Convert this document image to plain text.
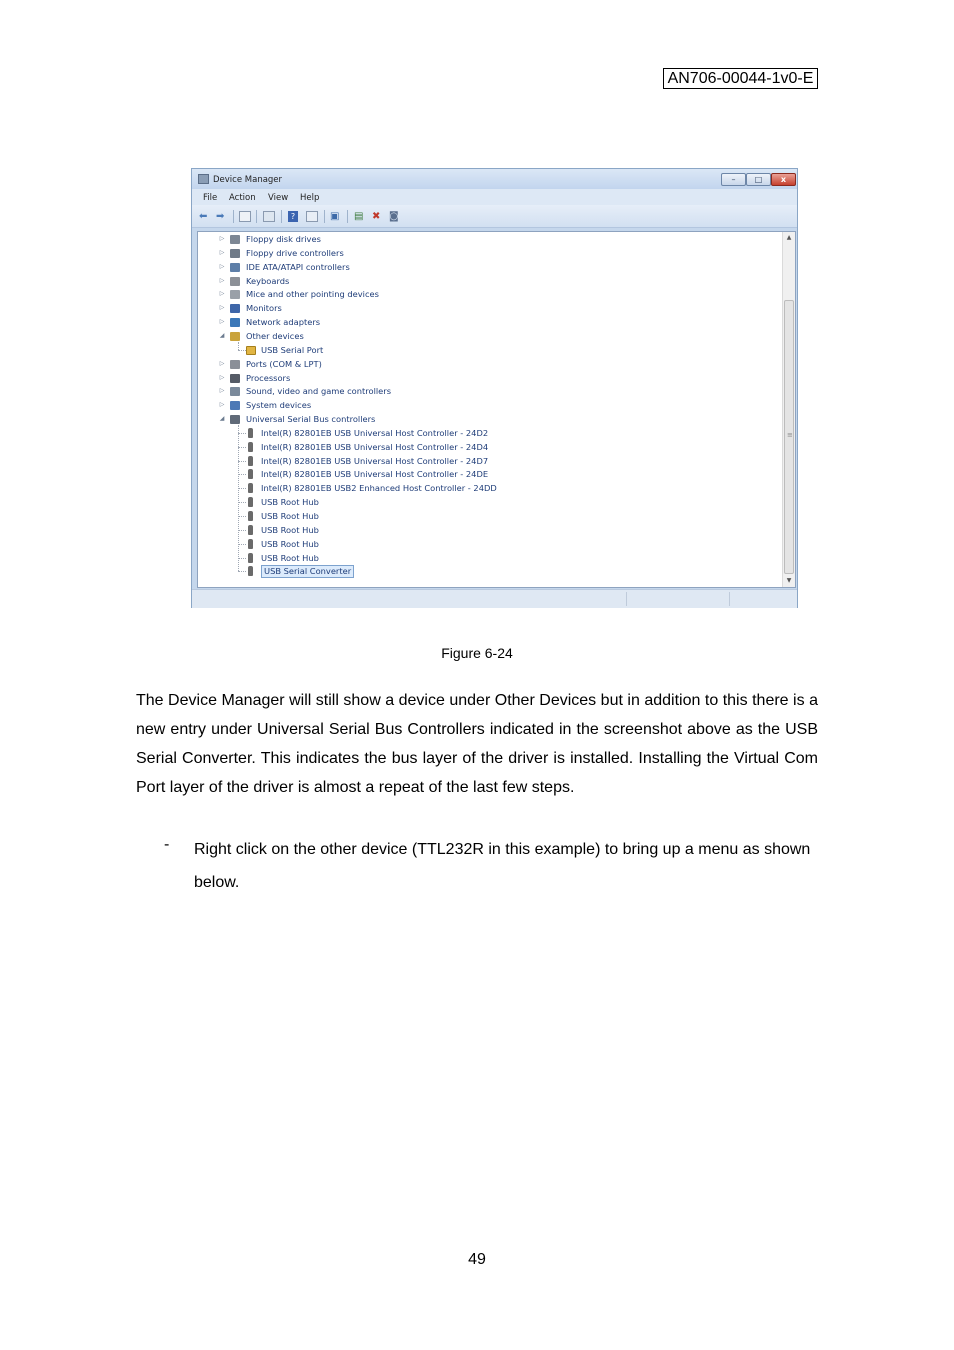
AN706-00044-1v0-E
Device Manager	–	□	x
File Action View Help
⬅ ➡	?	▣ ▤ ✖ ◙
▷	Floppy disk drives
▷	Floppy drive controllers
▷	IDE ATA/ATAPI controllers
▷	Keyboards
▷	Mice and other pointing devices
▷	Monitors
▷	Network adapters
◢	Other devices
USB Serial Port
▷	Ports (COM & LPT)
▷	Processors
▷	Sound, video and game controllers
▷	System devices
◢	Universal Serial Bus controllers
Intel(R) 82801EB USB Universal Host Controller - 24D2
Intel(R) 82801EB USB Universal Host Controller - 24D4
Intel(R) 82801EB USB Universal Host Controller - 24D7
Intel(R) 82801EB USB Universal Host Controller - 24DE
Intel(R) 82801EB USB2 Enhanced Host Controller - 24DD
USB Root Hub
USB Root Hub
USB Root Hub
USB Root Hub
USB Root Hub
USB Serial Converter
▲
≡
▼
Figure 6-24
The Device Manager will still show a device under Other Devices but in addition to this there is a new entry under Universal Serial Bus Controllers indicated in the screenshot above as the USB Serial Converter. This indicates the bus layer of the driver is installed. Installing the Virtual Com Port layer of the driver is almost a repeat of the last few steps.
- Right click on the other device (TTL232R in this example) to bring up a menu as shown below.
49
